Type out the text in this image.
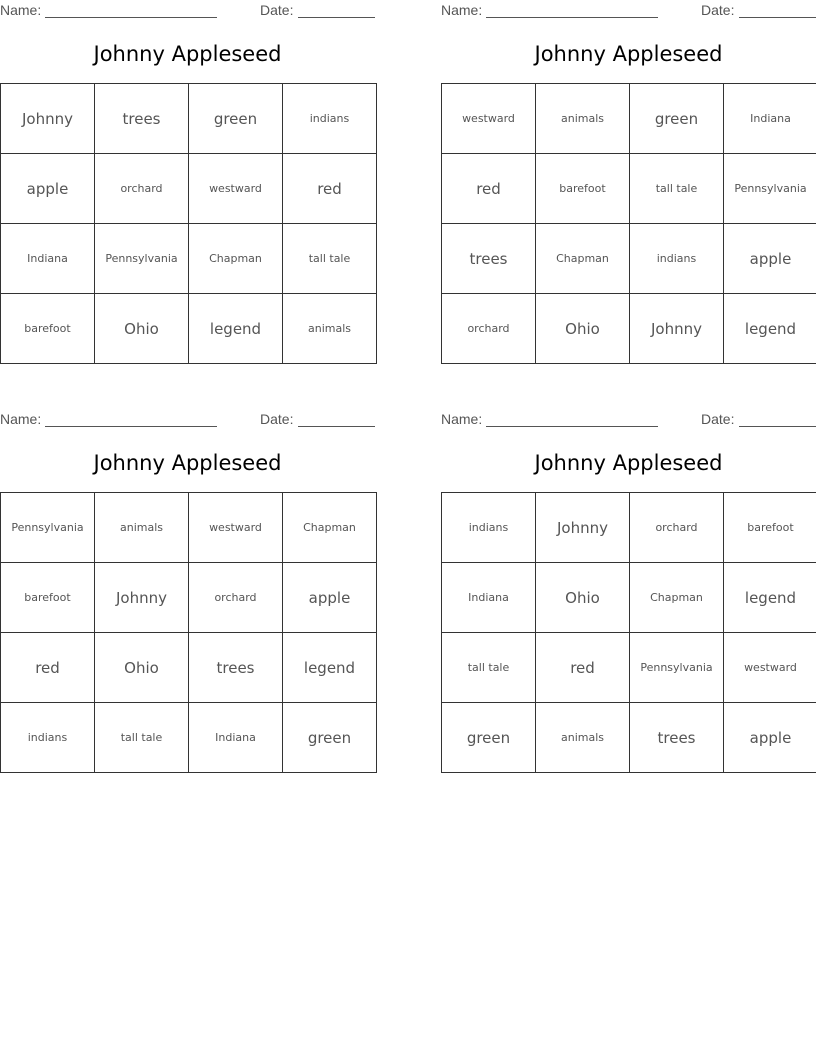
Name:	Date:
Johnny Appleseed
Johnny	trees	green	indians
apple	orchard	westward	red
Indiana	Pennsylvania	Chapman	tall tale
barefoot	Ohio	legend	animals
Name:	Date:
Johnny Appleseed
westward	animals	green	Indiana
red	barefoot	tall tale	Pennsylvania
trees	Chapman	indians	apple
orchard	Ohio	Johnny	legend
Name:	Date:
Johnny Appleseed
Pennsylvania	animals	westward	Chapman
barefoot	Johnny	orchard	apple
red	Ohio	trees	legend
indians	tall tale	Indiana	green
Name:	Date:
Johnny Appleseed
indians	Johnny	orchard	barefoot
Indiana	Ohio	Chapman	legend
tall tale	red	Pennsylvania	westward
green	animals	trees	apple
